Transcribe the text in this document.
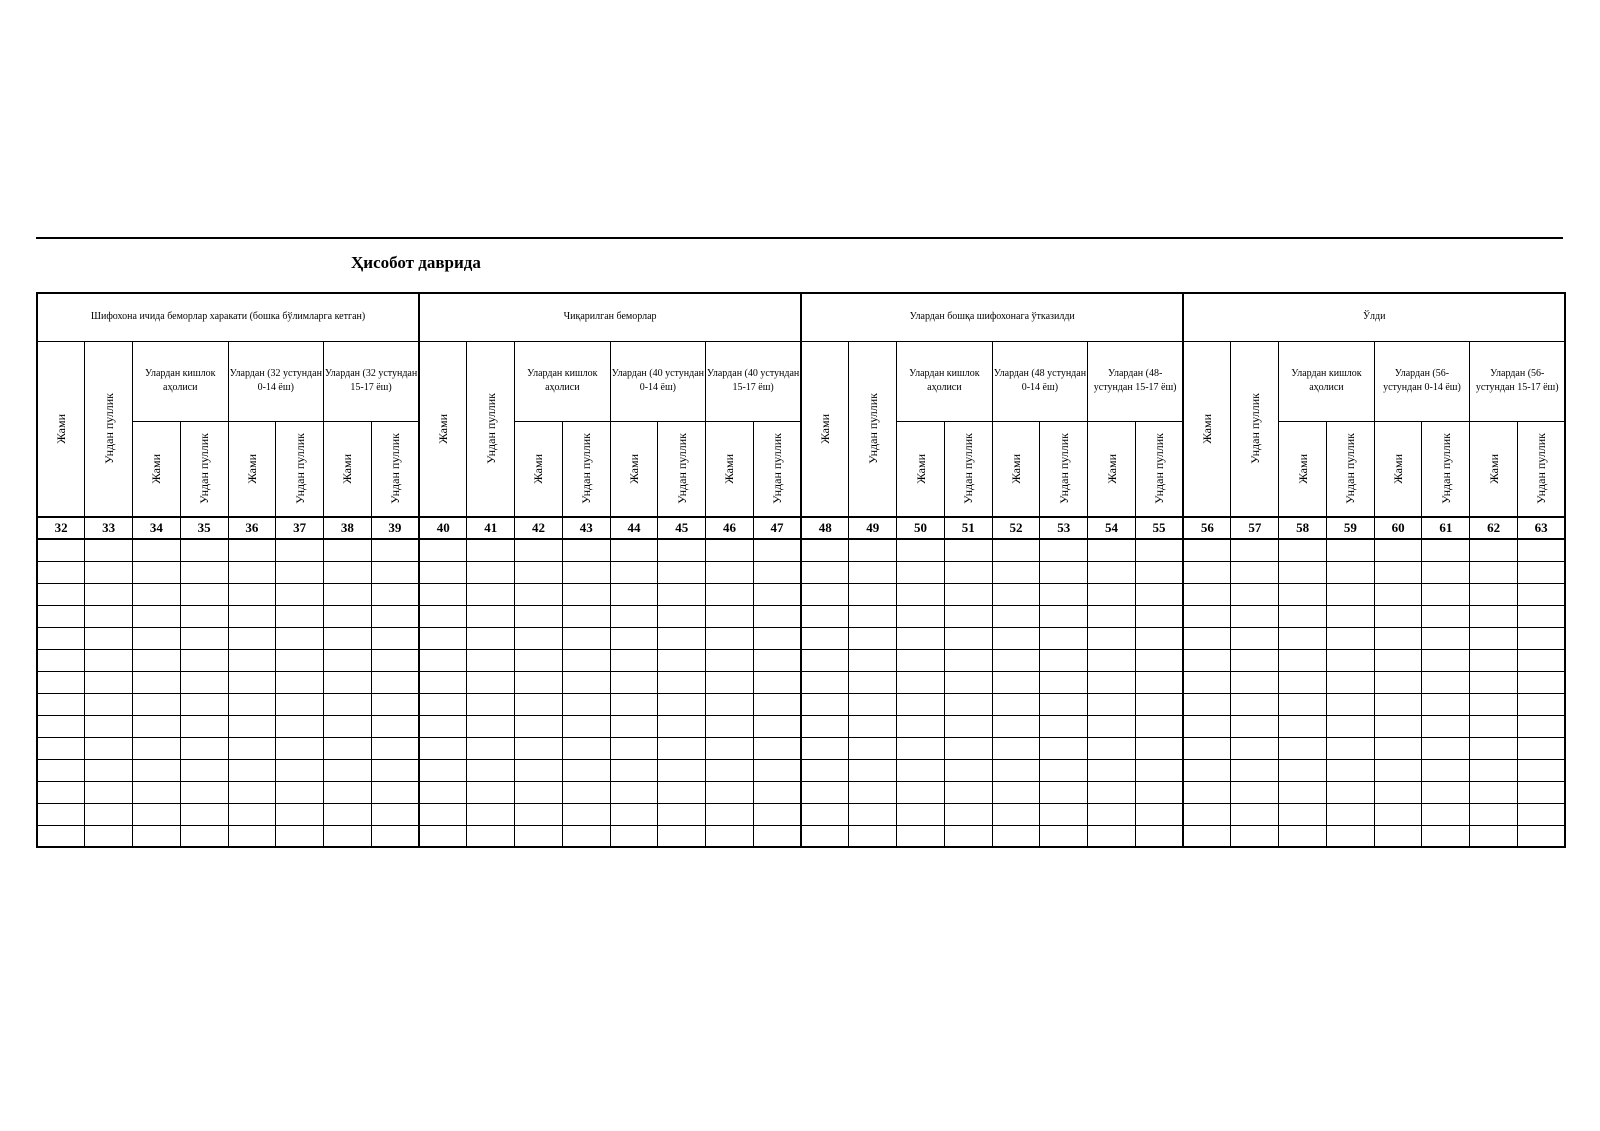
Ҳисобот даврида
Шифохона ичида беморлар харакати (бошка бўлимларга кетган)								Чиқарилган беморлар								Улардан бошқа шифохонага ўтказилди								Ўлди							

Жами	Ундан пуллик	Улардан кишлок аҳолиси		Улардан (32 устундан 0-14 ёш)		Улардан (32 устундан 15-17 ёш)		Жами	Ундан пуллик	Улардан кишлок аҳолиси		Улардан (40 устундан 0-14 ёш)		Улардан (40 устундан 15-17 ёш)		Жами	Ундан пуллик	Улардан кишлок аҳолиси		Улардан (48 устундан 0-14 ёш)		Улардан (48- устундан 15-17 ёш)		Жами	Ундан пуллик	Улардан кишлок аҳолиси		Улардан (56- устундан 0-14 ёш)		Улардан (56- устундан 15-17 ёш)	

		Жами	Ундан пуллик	Жами	Ундан пуллик	Жами	Ундан пуллик			Жами	Ундан пуллик	Жами	Ундан пуллик	Жами	Ундан пуллик			Жами	Ундан пуллик	Жами	Ундан пуллик	Жами	Ундан пуллик			Жами	Ундан пуллик	Жами	Ундан пуллик	Жами	Ундан пуллик

32	33	34	35	36	37	38	39	40	41	42	43	44	45	46	47	48	49	50	51	52	53	54	55	56	57	58	59	60	61	62	63
